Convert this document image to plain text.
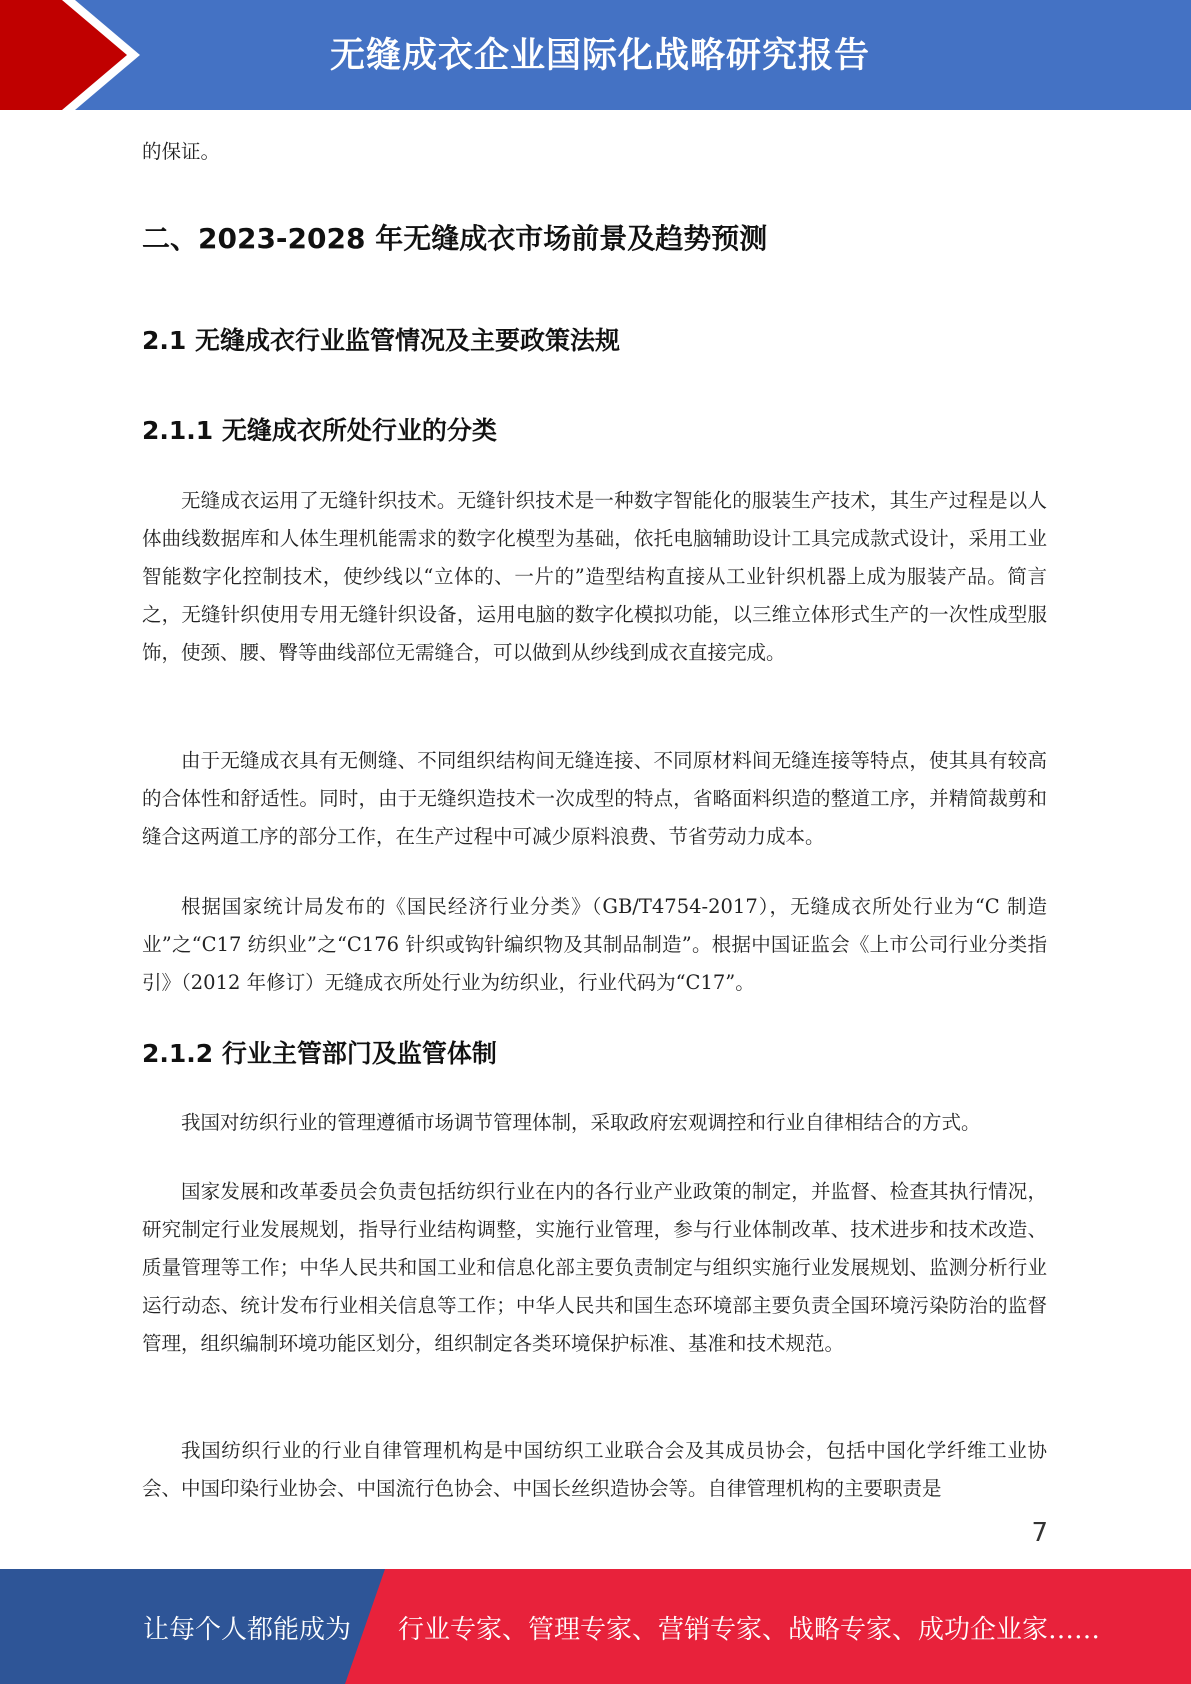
无缝成衣企业国际化战略研究报告
的保证。
二、2023-2028 年无缝成衣市场前景及趋势预测
2.1 无缝成衣行业监管情况及主要政策法规
2.1.1 无缝成衣所处行业的分类
无缝成衣运用了无缝针织技术。无缝针织技术是一种数字智能化的服装生产技术，其生产过程是以人体曲线数据库和人体生理机能需求的数字化模型为基础，依托电脑辅助设计工具完成款式设计，采用工业智能数字化控制技术，使纱线以“立体的、一片的”造型结构直接从工业针织机器上成为服装产品。简言之，无缝针织使用专用无缝针织设备，运用电脑的数字化模拟功能，以三维立体形式生产的一次性成型服饰，使颈、腰、臀等曲线部位无需缝合，可以做到从纱线到成衣直接完成。
由于无缝成衣具有无侧缝、不同组织结构间无缝连接、不同原材料间无缝连接等特点，使其具有较高的合体性和舒适性。同时，由于无缝织造技术一次成型的特点，省略面料织造的整道工序，并精简裁剪和缝合这两道工序的部分工作，在生产过程中可减少原料浪费、节省劳动力成本。
根据国家统计局发布的《国民经济行业分类》（GB/T4754-2017），无缝成衣所处行业为“C 制造业”之“C17 纺织业”之“C176 针织或钩针编织物及其制品制造”。根据中国证监会《上市公司行业分类指引》（2012 年修订）无缝成衣所处行业为纺织业，行业代码为“C17”。
2.1.2 行业主管部门及监管体制
我国对纺织行业的管理遵循市场调节管理体制，采取政府宏观调控和行业自律相结合的方式。
国家发展和改革委员会负责包括纺织行业在内的各行业产业政策的制定，并监督、检查其执行情况，研究制定行业发展规划，指导行业结构调整，实施行业管理，参与行业体制改革、技术进步和技术改造、质量管理等工作；中华人民共和国工业和信息化部主要负责制定与组织实施行业发展规划、监测分析行业运行动态、统计发布行业相关信息等工作；中华人民共和国生态环境部主要负责全国环境污染防治的监督管理，组织编制环境功能区划分，组织制定各类环境保护标准、基准和技术规范。
我国纺织行业的行业自律管理机构是中国纺织工业联合会及其成员协会，包括中国化学纤维工业协会、中国印染行业协会、中国流行色协会、中国长丝织造协会等。自律管理机构的主要职责是
7
让每个人都能成为 行业专家、管理专家、营销专家、战略专家、成功企业家……
